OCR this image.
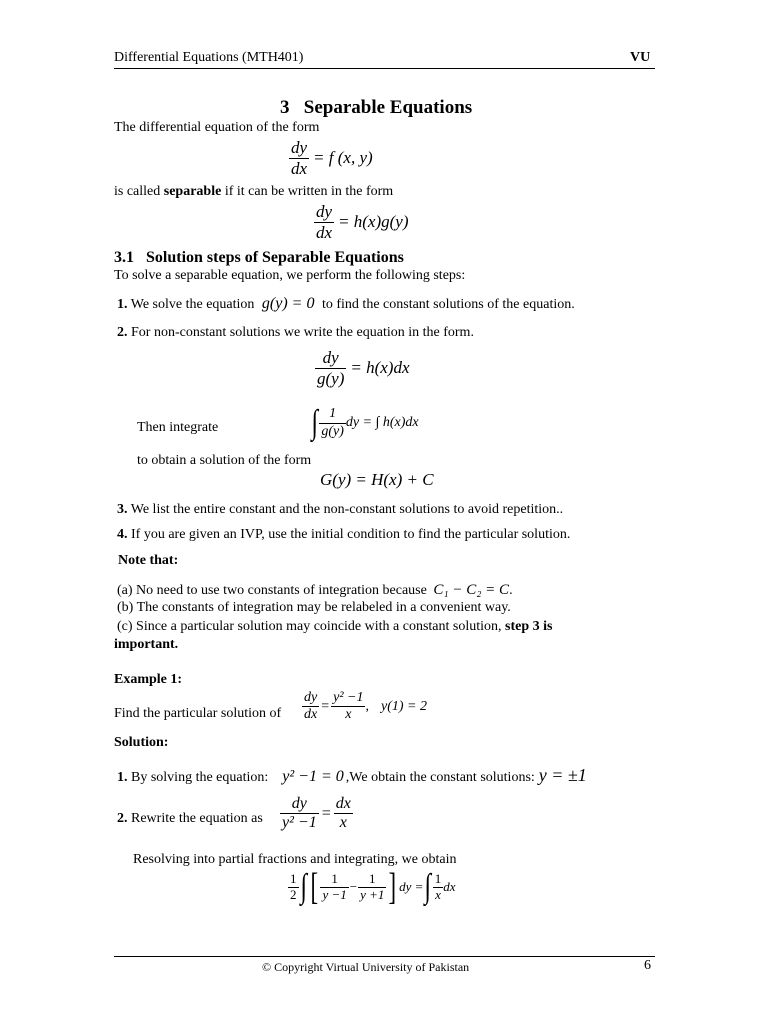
Differential Equations (MTH401)	VU
3 Separable Equations
The differential equation of the form
$\frac{dy}{dx} = f$ (x, y)
is called separable if it can be written in the form
$\frac{dy}{dx} = h(x)g(y)$
3.1 Solution steps of Separable Equations
To solve a separable equation, we perform the following steps:
1. We solve the equation g(y) = 0 to find the constant solutions of the equation.
2. For non-constant solutions we write the equation in the form.
$\frac{dy}{g(y)} = h(x)dx$
Then integrate	∫ $\frac{1}{g(y)}$ dy = ∫ h(x)dx
to obtain a solution of the form
G(y) = H(x) + C
3. We list the entire constant and the non-constant solutions to avoid repetition..
4. If you are given an IVP, use the initial condition to find the particular solution.
Note that:
(a) No need to use two constants of integration because C₁ − C₂ = C.
(b) The constants of integration may be relabeled in a convenient way.
(c) Since a particular solution may coincide with a constant solution, step 3 is
important.
Example 1:
Find the particular solution of $\frac{dy}{dx} = \frac{\text{y² −1}}{x}$ , y(1) = 2
Solution:
1.
By solving the equation: y² −1 = 0 ,We obtain the constant solutions: y = ±1
2. Rewrite the equation as $\frac{dy}{\text{y² −1}} = \frac{dx}{x}$
Resolving into partial fractions and integrating, we obtain
$\frac{1}{2}$ ∫ [ $\frac{1}{y -1} - \frac{1}{y +1}$ ] dy = ∫ $\frac{1}{x}$ dx
© Copyright Virtual University of Pakistan	6
